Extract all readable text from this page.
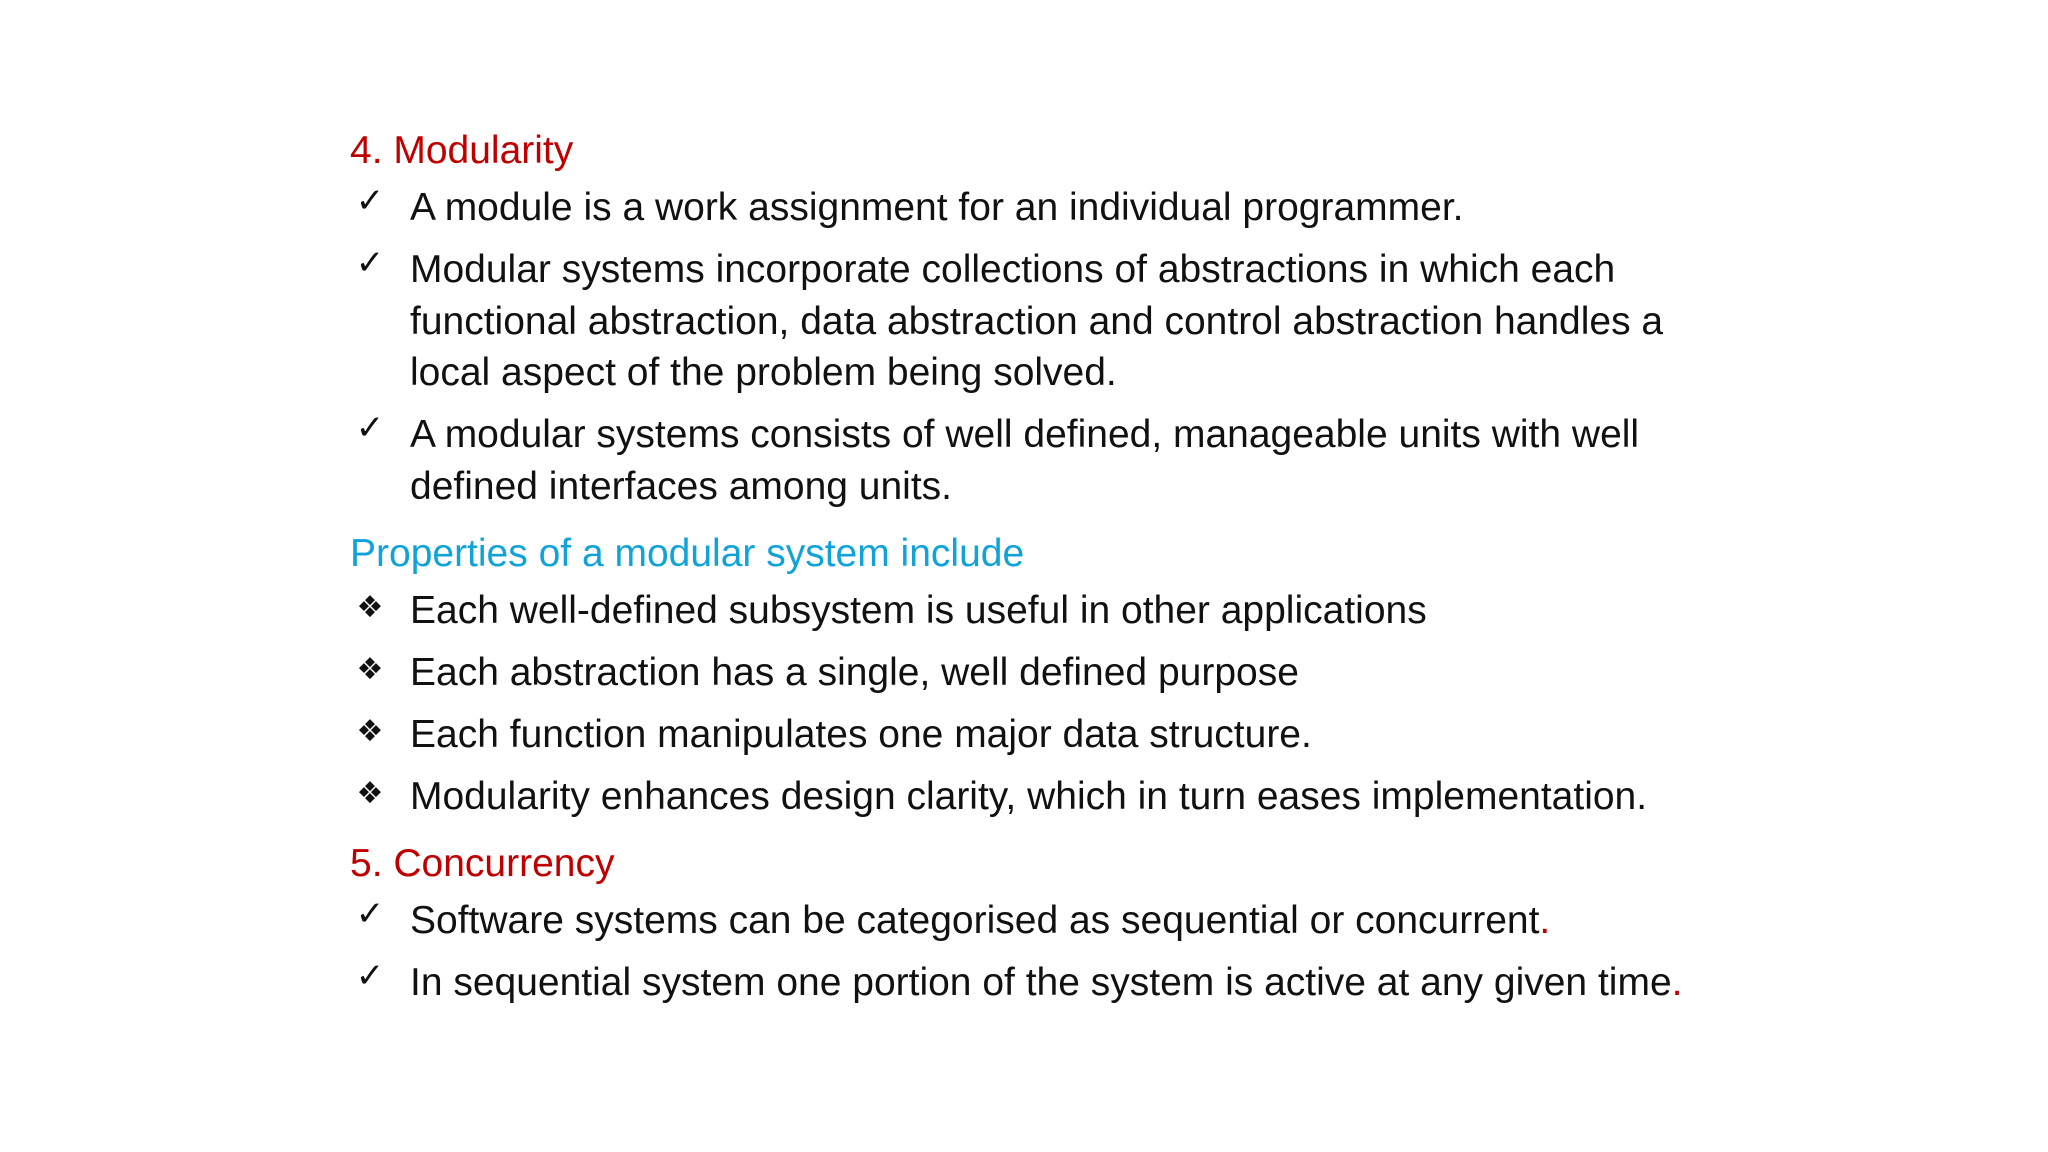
4. Modularity
✓ A module is a work assignment for an individual programmer.
✓ Modular systems incorporate collections of abstractions in which each functional abstraction, data abstraction and control abstraction handles a local aspect of the problem being solved.
✓ A modular systems consists of well defined, manageable units with well defined interfaces among units.
Properties of a modular system include
❖ Each well-defined subsystem is useful in other applications
❖ Each abstraction has a single, well defined purpose
❖ Each function manipulates one major data structure.
❖ Modularity enhances design clarity, which in turn eases implementation.
5. Concurrency
✓ Software systems can be categorised as sequential or concurrent.
✓ In sequential system one portion of the system is active at any given time.
